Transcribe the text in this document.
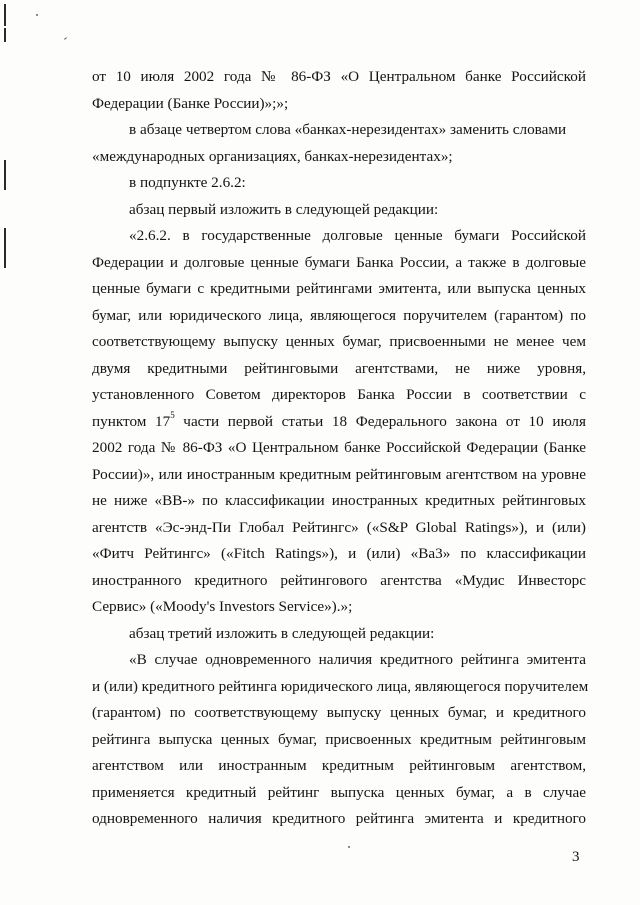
от 10 июля 2002 года № 86-ФЗ «О Центральном банке Российской
Федерации (Банке России)»;»;
в абзаце четвертом слова «банках-нерезидентах» заменить словами
«международных организациях, банках-нерезидентах»;
в подпункте 2.6.2:
абзац первый изложить в следующей редакции:
«2.6.2. в государственные долговые ценные бумаги Российской
Федерации и долговые ценные бумаги Банка России, а также в долговые
ценные бумаги с кредитными рейтингами эмитента, или выпуска ценных
бумаг, или юридического лица, являющегося поручителем (гарантом) по
соответствующему выпуску ценных бумаг, присвоенными не менее чем
двумя кредитными рейтинговыми агентствами, не ниже уровня,
установленного Советом директоров Банка России в соответствии с
пунктом $17^5$ части первой статьи 18 Федерального закона от 10 июля
2002 года № 86-ФЗ «О Центральном банке Российской Федерации (Банке
России)», или иностранным кредитным рейтинговым агентством на уровне
не ниже «BB-» по классификации иностранных кредитных рейтинговых
агентств «Эс-энд-Пи Глобал Рейтингс» («S&P Global Ratings»), и (или)
«Фитч Рейтингс» («Fitch Ratings»), и (или) «Ba3» по классификации
иностранного кредитного рейтингового агентства «Мудис Инвесторс
Сервис» («Moody's Investors Service»).»;
абзац третий изложить в следующей редакции:
«В случае одновременного наличия кредитного рейтинга эмитента
и (или) кредитного рейтинга юридического лица, являющегося поручителем
(гарантом) по соответствующему выпуску ценных бумаг, и кредитного
рейтинга выпуска ценных бумаг, присвоенных кредитным рейтинговым
агентством или иностранным кредитным рейтинговым агентством,
применяется кредитный рейтинг выпуска ценных бумаг, а в случае
одновременного наличия кредитного рейтинга эмитента и кредитного
3
